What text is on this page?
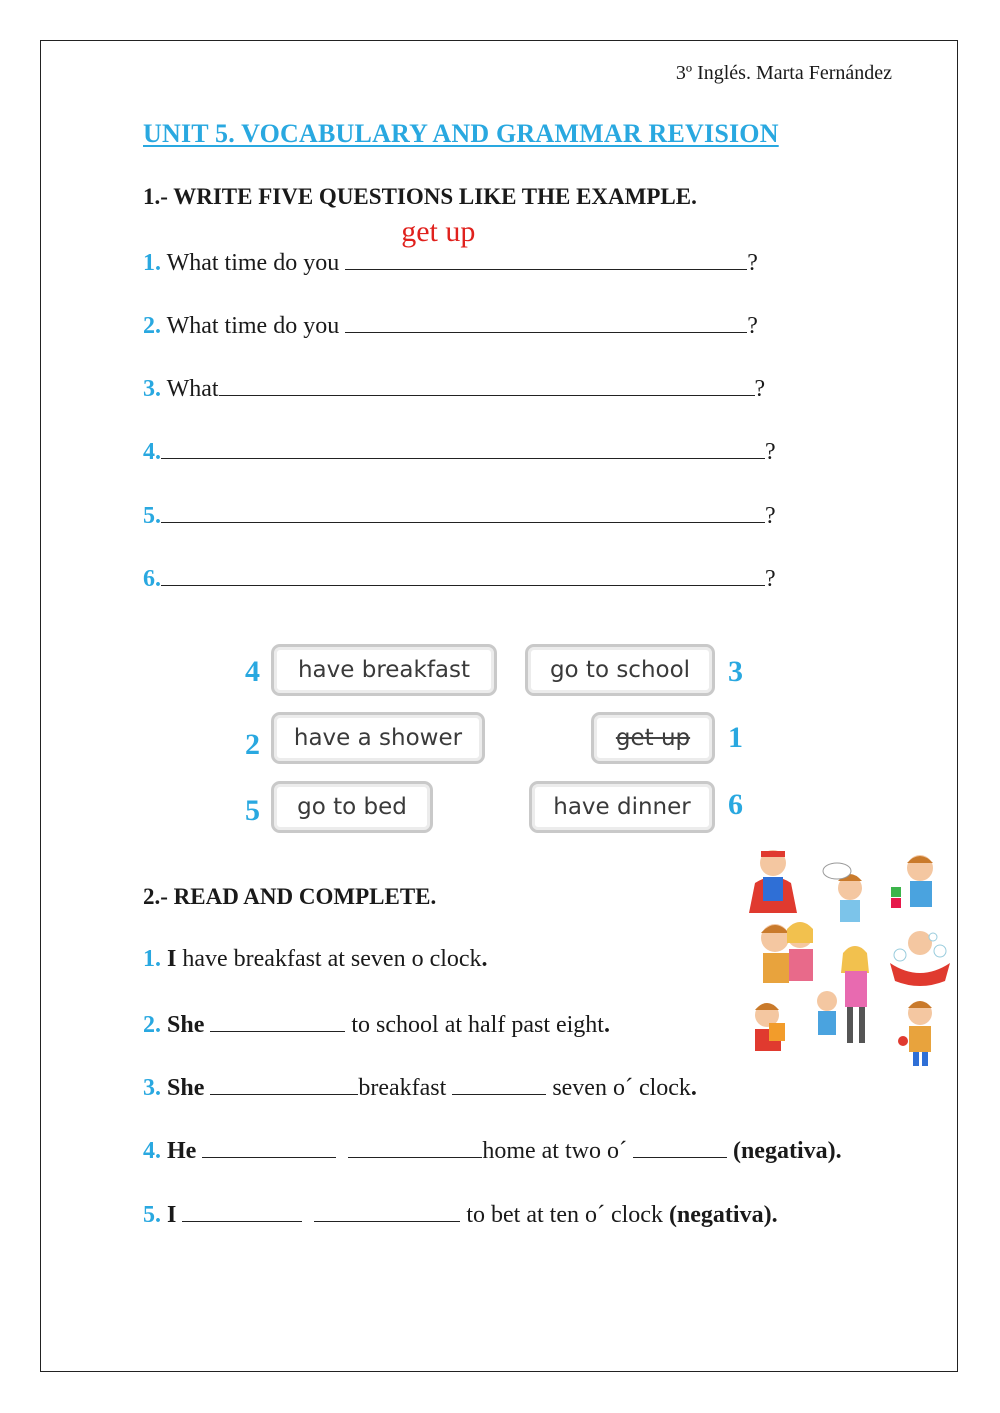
3º Inglés. Marta Fernández
UNIT 5. VOCABULARY AND GRAMMAR REVISION
1.- WRITE FIVE QUESTIONS LIKE THE EXAMPLE.
1. What time do you
get up
?
2. What time do you	?
3. What	?
4.	?
5.	?
6.	?
4 have breakfast	go to school 3
2 have a shower	get up 1
5 go to bed	have dinner 6
2.- READ AND COMPLETE.
1. I have breakfast at seven o clock.
2. She	to school at half past eight.
3. She	breakfast	seven o´ clock.
4. He	home at two o´	(negativa).
5. I	to bet at ten o´ clock (negativa).
